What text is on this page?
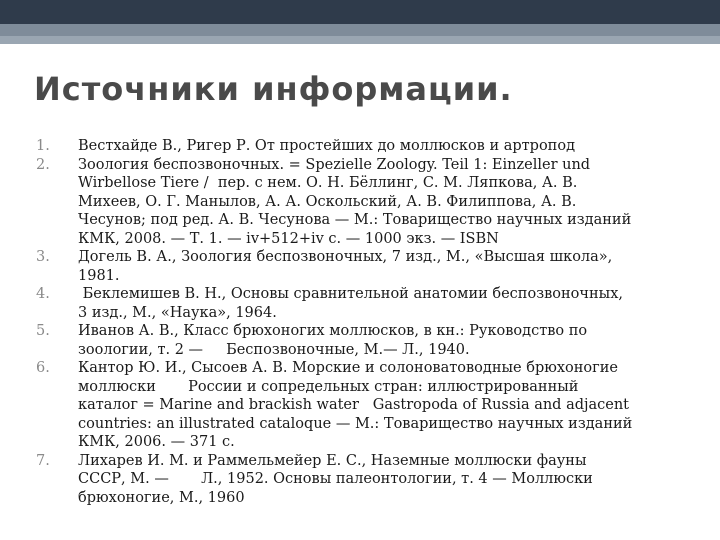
Источники информации.
1.	Вестхайде В., Ригер Р. От простейших до моллюсков и артропод
2.	Зоология беспозвоночных. = Spezielle Zoology. Teil 1: Einzeller und
Wirbellose Tiere /  пер. с нем. О. Н. Бёллинг, С. М. Ляпкова, А. В.
Михеев, О. Г. Манылов, А. А. Оскольский, А. В. Филиппова, А. В.
Чесунов; под ред. А. В. Чесунова — М.: Товарищество научных изданий
КМК, 2008. — Т. 1. — iv+512+iv с. — 1000 экз. — ISBN
3.	Догель В. А., Зоология беспозвоночных, 7 изд., М., «Высшая школа»,
1981.
4.	Беклемишев В. Н., Основы сравнительной анатомии беспозвоночных,
3 изд., М., «Наука», 1964.
5.	Иванов А. В., Класс брюхоногих моллюсков, в кн.: Руководство по
зоологии, т. 2 —     Беспозвоночные, М.— Л., 1940.
6.	Кантор Ю. И., Сысоев А. В. Морские и солоноватоводные брюхоногие
моллюски       России и сопредельных стран: иллюстрированный
каталог = Marine and brackish water   Gastropoda of Russia and adjacent
countries: an illustrated cataloque — М.: Товарищество научных изданий
КМК, 2006. — 371 с.
7.	Лихарев И. М. и Раммельмейер Е. С., Наземные моллюски фауны
СССР, М. —       Л., 1952. Основы палеонтологии, т. 4 — Моллюски
брюхоногие, М., 1960
